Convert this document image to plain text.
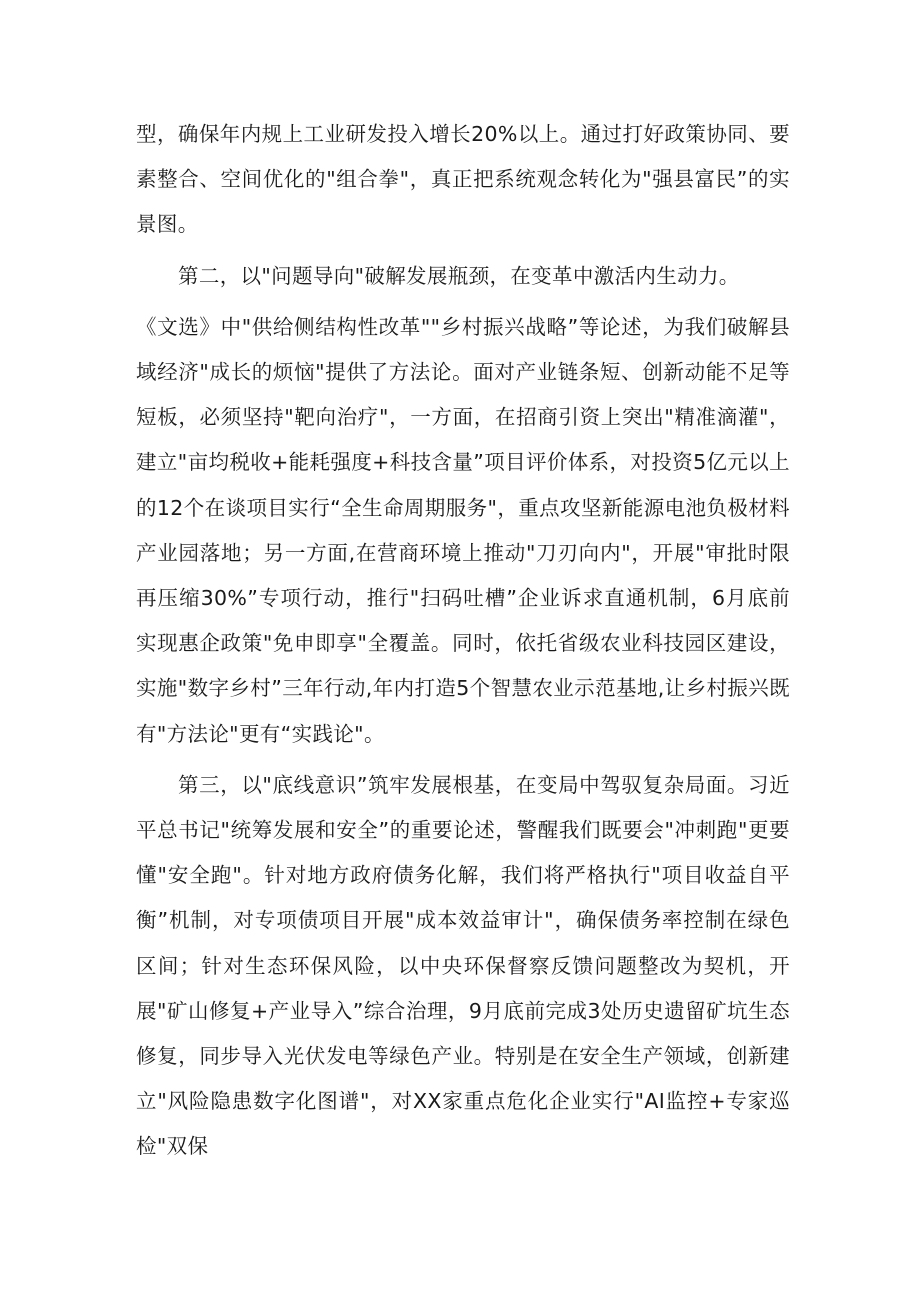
型，确保年内规上工业研发投入增长20%以上。通过打好政策协同、要素整合、空间优化的"组合拳"，真正把系统观念转化为"强县富民”的实景图。

第二，以"问题导向"破解发展瓶颈，在变革中激活内生动力。

《文选》中"供给侧结构性改革""乡村振兴战略”等论述，为我们破解县域经济"成长的烦恼"提供了方法论。面对产业链条短、创新动能不足等短板，必须坚持"靶向治疗"，一方面，在招商引资上突出"精准滴灌"，建立"亩均税收+能耗强度+科技含量”项目评价体系，对投资5亿元以上的12个在谈项目实行“全生命周期服务"，重点攻坚新能源电池负极材料产业园落地；另一方面,在营商环境上推动"刀刃向内"，开展"审批时限再压缩30%”专项行动，推行"扫码吐槽”企业诉求直通机制，6月底前实现惠企政策"免申即享"全覆盖。同时，依托省级农业科技园区建设，实施"数字乡村”三年行动,年内打造5个智慧农业示范基地,让乡村振兴既有"方法论"更有“实践论"。

第三，以"底线意识”筑牢发展根基，在变局中驾驭复杂局面。习近平总书记"统筹发展和安全”的重要论述，警醒我们既要会"冲刺跑"更要懂"安全跑"。针对地方政府债务化解，我们将严格执行"项目收益自平衡”机制，对专项债项目开展"成本效益审计"，确保债务率控制在绿色区间；针对生态环保风险，以中央环保督察反馈问题整改为契机，开展"矿山修复+产业导入”综合治理，9月底前完成3处历史遗留矿坑生态修复，同步导入光伏发电等绿色产业。特别是在安全生产领域，创新建立"风险隐患数字化图谱"，对XX家重点危化企业实行"AI监控+专家巡检"双保
